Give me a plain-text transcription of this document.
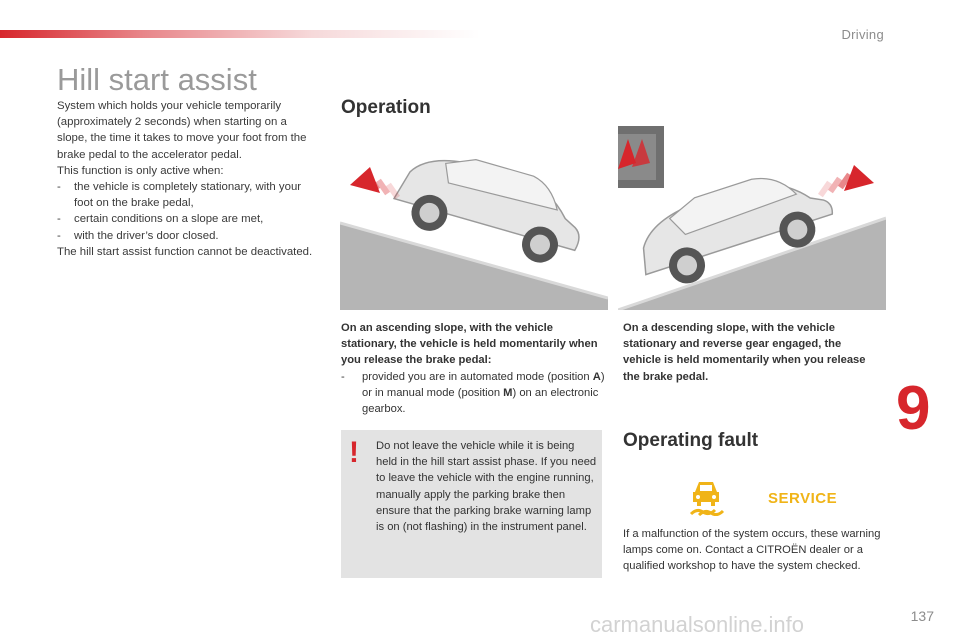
Driving
Hill start assist

System which holds your vehicle temporarily (approximately 2 seconds) when starting on a slope, the time it takes to move your foot from the brake pedal to the accelerator pedal.

This function is only active when:

-	the vehicle is completely stationary, with your foot on the brake pedal,
-	certain conditions on a slope are met,
-	with the driver’s door closed.

The hill start assist function cannot be deactivated.

Operation
On an ascending slope, with the vehicle stationary, the vehicle is held momentarily when you release the brake pedal:
-	provided you are in automated mode (position A) or in manual mode (position M) on an electronic gearbox.
On a descending slope, with the vehicle stationary and reverse gear engaged, the vehicle is held momentarily when you release the brake pedal.
!	Do not leave the vehicle while it is being held in the hill start assist phase. If you need to leave the vehicle with the engine running, manually apply the parking brake then ensure that the parking brake warning lamp is on (not flashing) in the instrument panel.
Operating fault
SERVICE
If a malfunction of the system occurs, these warning lamps come on. Contact a CITROËN dealer or a qualified workshop to have the system checked.
9
carmanualsonline.info	137
